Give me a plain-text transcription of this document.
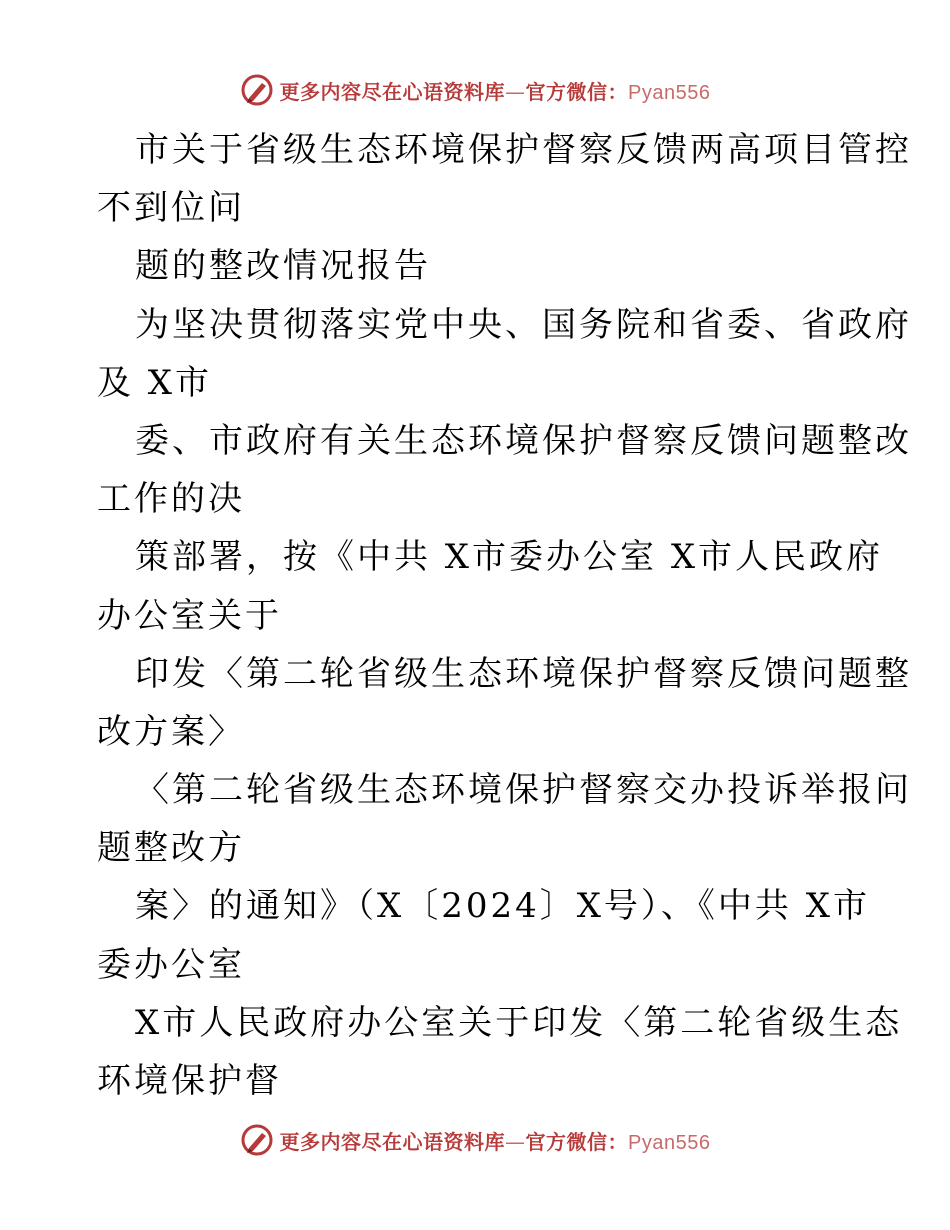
更多内容尽在心语资料库—官方微信：Pyan556
市关于省级生态环境保护督察反馈两高项目管控
不到位问
题的整改情况报告
为坚决贯彻落实党中央、国务院和省委、省政府
及 X市
委、市政府有关生态环境保护督察反馈问题整改
工作的决
策部署，按《中共 X市委办公室 X市人民政府
办公室关于
印发〈第二轮省级生态环境保护督察反馈问题整
改方案〉
〈第二轮省级生态环境保护督察交办投诉举报问
题整改方
案〉的通知》（X〔2024〕X号）、《中共 X市
委办公室
X市人民政府办公室关于印发〈第二轮省级生态
环境保护督
更多内容尽在心语资料库—官方微信：Pyan556
